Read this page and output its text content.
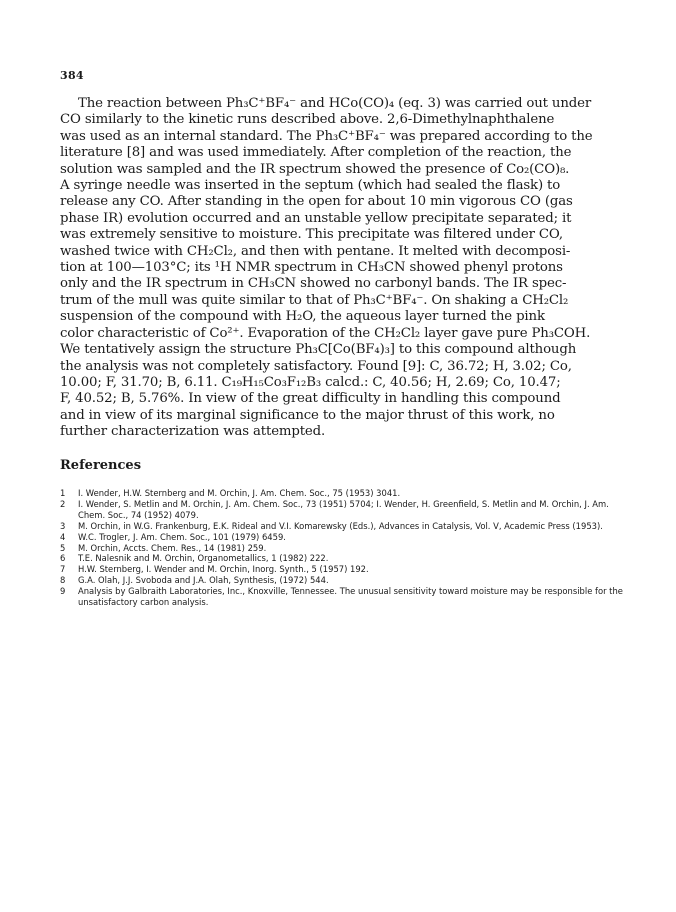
384
The reaction between Ph₃C⁺BF₄⁻ and HCo(CO)₄ (eq. 3) was carried out under
CO similarly to the kinetic runs described above. 2,6-Dimethylnaphthalene
was used as an internal standard. The Ph₃C⁺BF₄⁻ was prepared according to the
literature [8] and was used immediately. After completion of the reaction, the
solution was sampled and the IR spectrum showed the presence of Co₂(CO)₈.
A syringe needle was inserted in the septum (which had sealed the flask) to
release any CO. After standing in the open for about 10 min vigorous CO (gas
phase IR) evolution occurred and an unstable yellow precipitate separated; it
was extremely sensitive to moisture. This precipitate was filtered under CO,
washed twice with CH₂Cl₂, and then with pentane. It melted with decomposi-
tion at 100—103°C; its ¹H NMR spectrum in CH₃CN showed phenyl protons
only and the IR spectrum in CH₃CN showed no carbonyl bands. The IR spec-
trum of the mull was quite similar to that of Ph₃C⁺BF₄⁻. On shaking a CH₂Cl₂
suspension of the compound with H₂O, the aqueous layer turned the pink
color characteristic of Co²⁺. Evaporation of the CH₂Cl₂ layer gave pure Ph₃COH.
We tentatively assign the structure Ph₃C[Co(BF₄)₃] to this compound although
the analysis was not completely satisfactory. Found [9]: C, 36.72; H, 3.02; Co,
10.00; F, 31.70; B, 6.11. C₁₉H₁₅Co₃F₁₂B₃ calcd.: C, 40.56; H, 2.69; Co, 10.47;
F, 40.52; B, 5.76%. In view of the great difficulty in handling this compound
and in view of its marginal significance to the major thrust of this work, no
further characterization was attempted.
References
1	I. Wender, H.W. Sternberg and M. Orchin, J. Am. Chem. Soc., 75 (1953) 3041.
2	I. Wender, S. Metlin and M. Orchin, J. Am. Chem. Soc., 73 (1951) 5704; I. Wender, H. Greenfield, S. Metlin and M. Orchin, J. Am. Chem. Soc., 74 (1952) 4079.
3	M. Orchin, in W.G. Frankenburg, E.K. Rideal and V.I. Komarewsky (Eds.), Advances in Catalysis, Vol. V, Academic Press (1953).
4	W.C. Trogler, J. Am. Chem. Soc., 101 (1979) 6459.
5	M. Orchin, Accts. Chem. Res., 14 (1981) 259.
6	T.E. Nalesnik and M. Orchin, Organometallics, 1 (1982) 222.
7	H.W. Sternberg, I. Wender and M. Orchin, Inorg. Synth., 5 (1957) 192.
8	G.A. Olah, J.J. Svoboda and J.A. Olah, Synthesis, (1972) 544.
9	Analysis by Galbraith Laboratories, Inc., Knoxville, Tennessee. The unusual sensitivity toward moisture may be responsible for the unsatisfactory carbon analysis.
